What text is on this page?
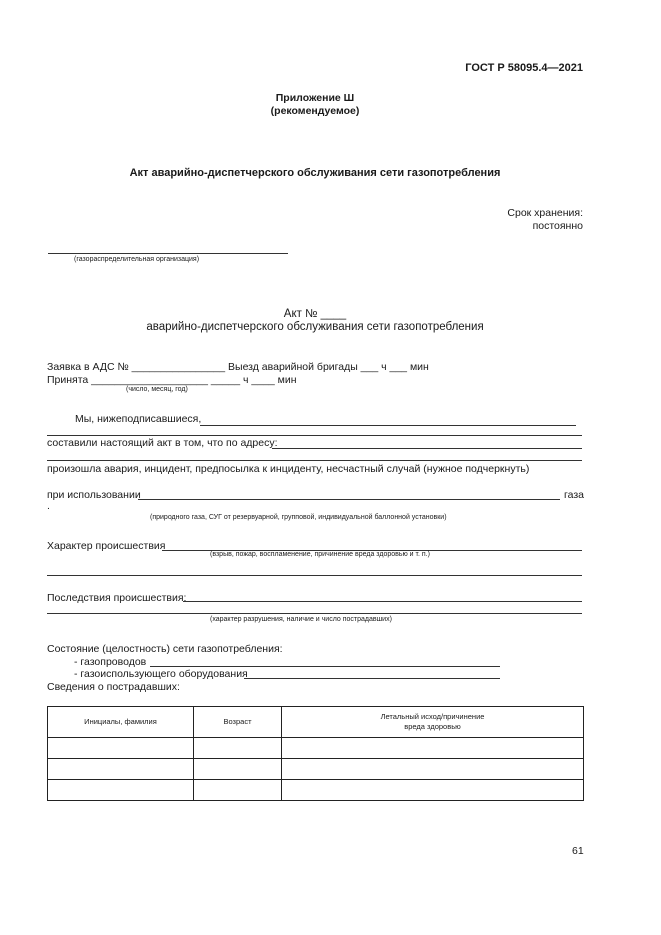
ГОСТ Р 58095.4—2021
Приложение Ш
(рекомендуемое)
Акт аварийно-диспетчерского обслуживания сети газопотребления
Срок хранения:
постоянно
(газораспределительная организация)
Акт № ____
аварийно-диспетчерского обслуживания сети газопотребления
Заявка в АДС № ________________ Выезд аварийной бригады ___ ч ___ мин
Принята ____________________ _____ ч ____ мин
(число, месяц, год)
Мы, нижеподписавшиеся,
составили настоящий акт в том, что по адресу:
произошла авария, инцидент, предпосылка к инциденту, несчастный случай (нужное подчеркнуть)
при использовании	газа
.
(природного газа, СУГ от резервуарной, групповой, индивидуальной баллонной установки)
Характер происшествия
(взрыв, пожар, воспламенение, причинение вреда здоровью и т. п.)
Последствия происшествия:
(характер разрушения, наличие и число пострадавших)
Состояние (целостность) сети газопотребления:
- газопроводов
- газоиспользующего оборудования
Сведения о пострадавших:
Инициалы, фамилия	Возраст	Летальный исход/причинение вреда здоровью

61
